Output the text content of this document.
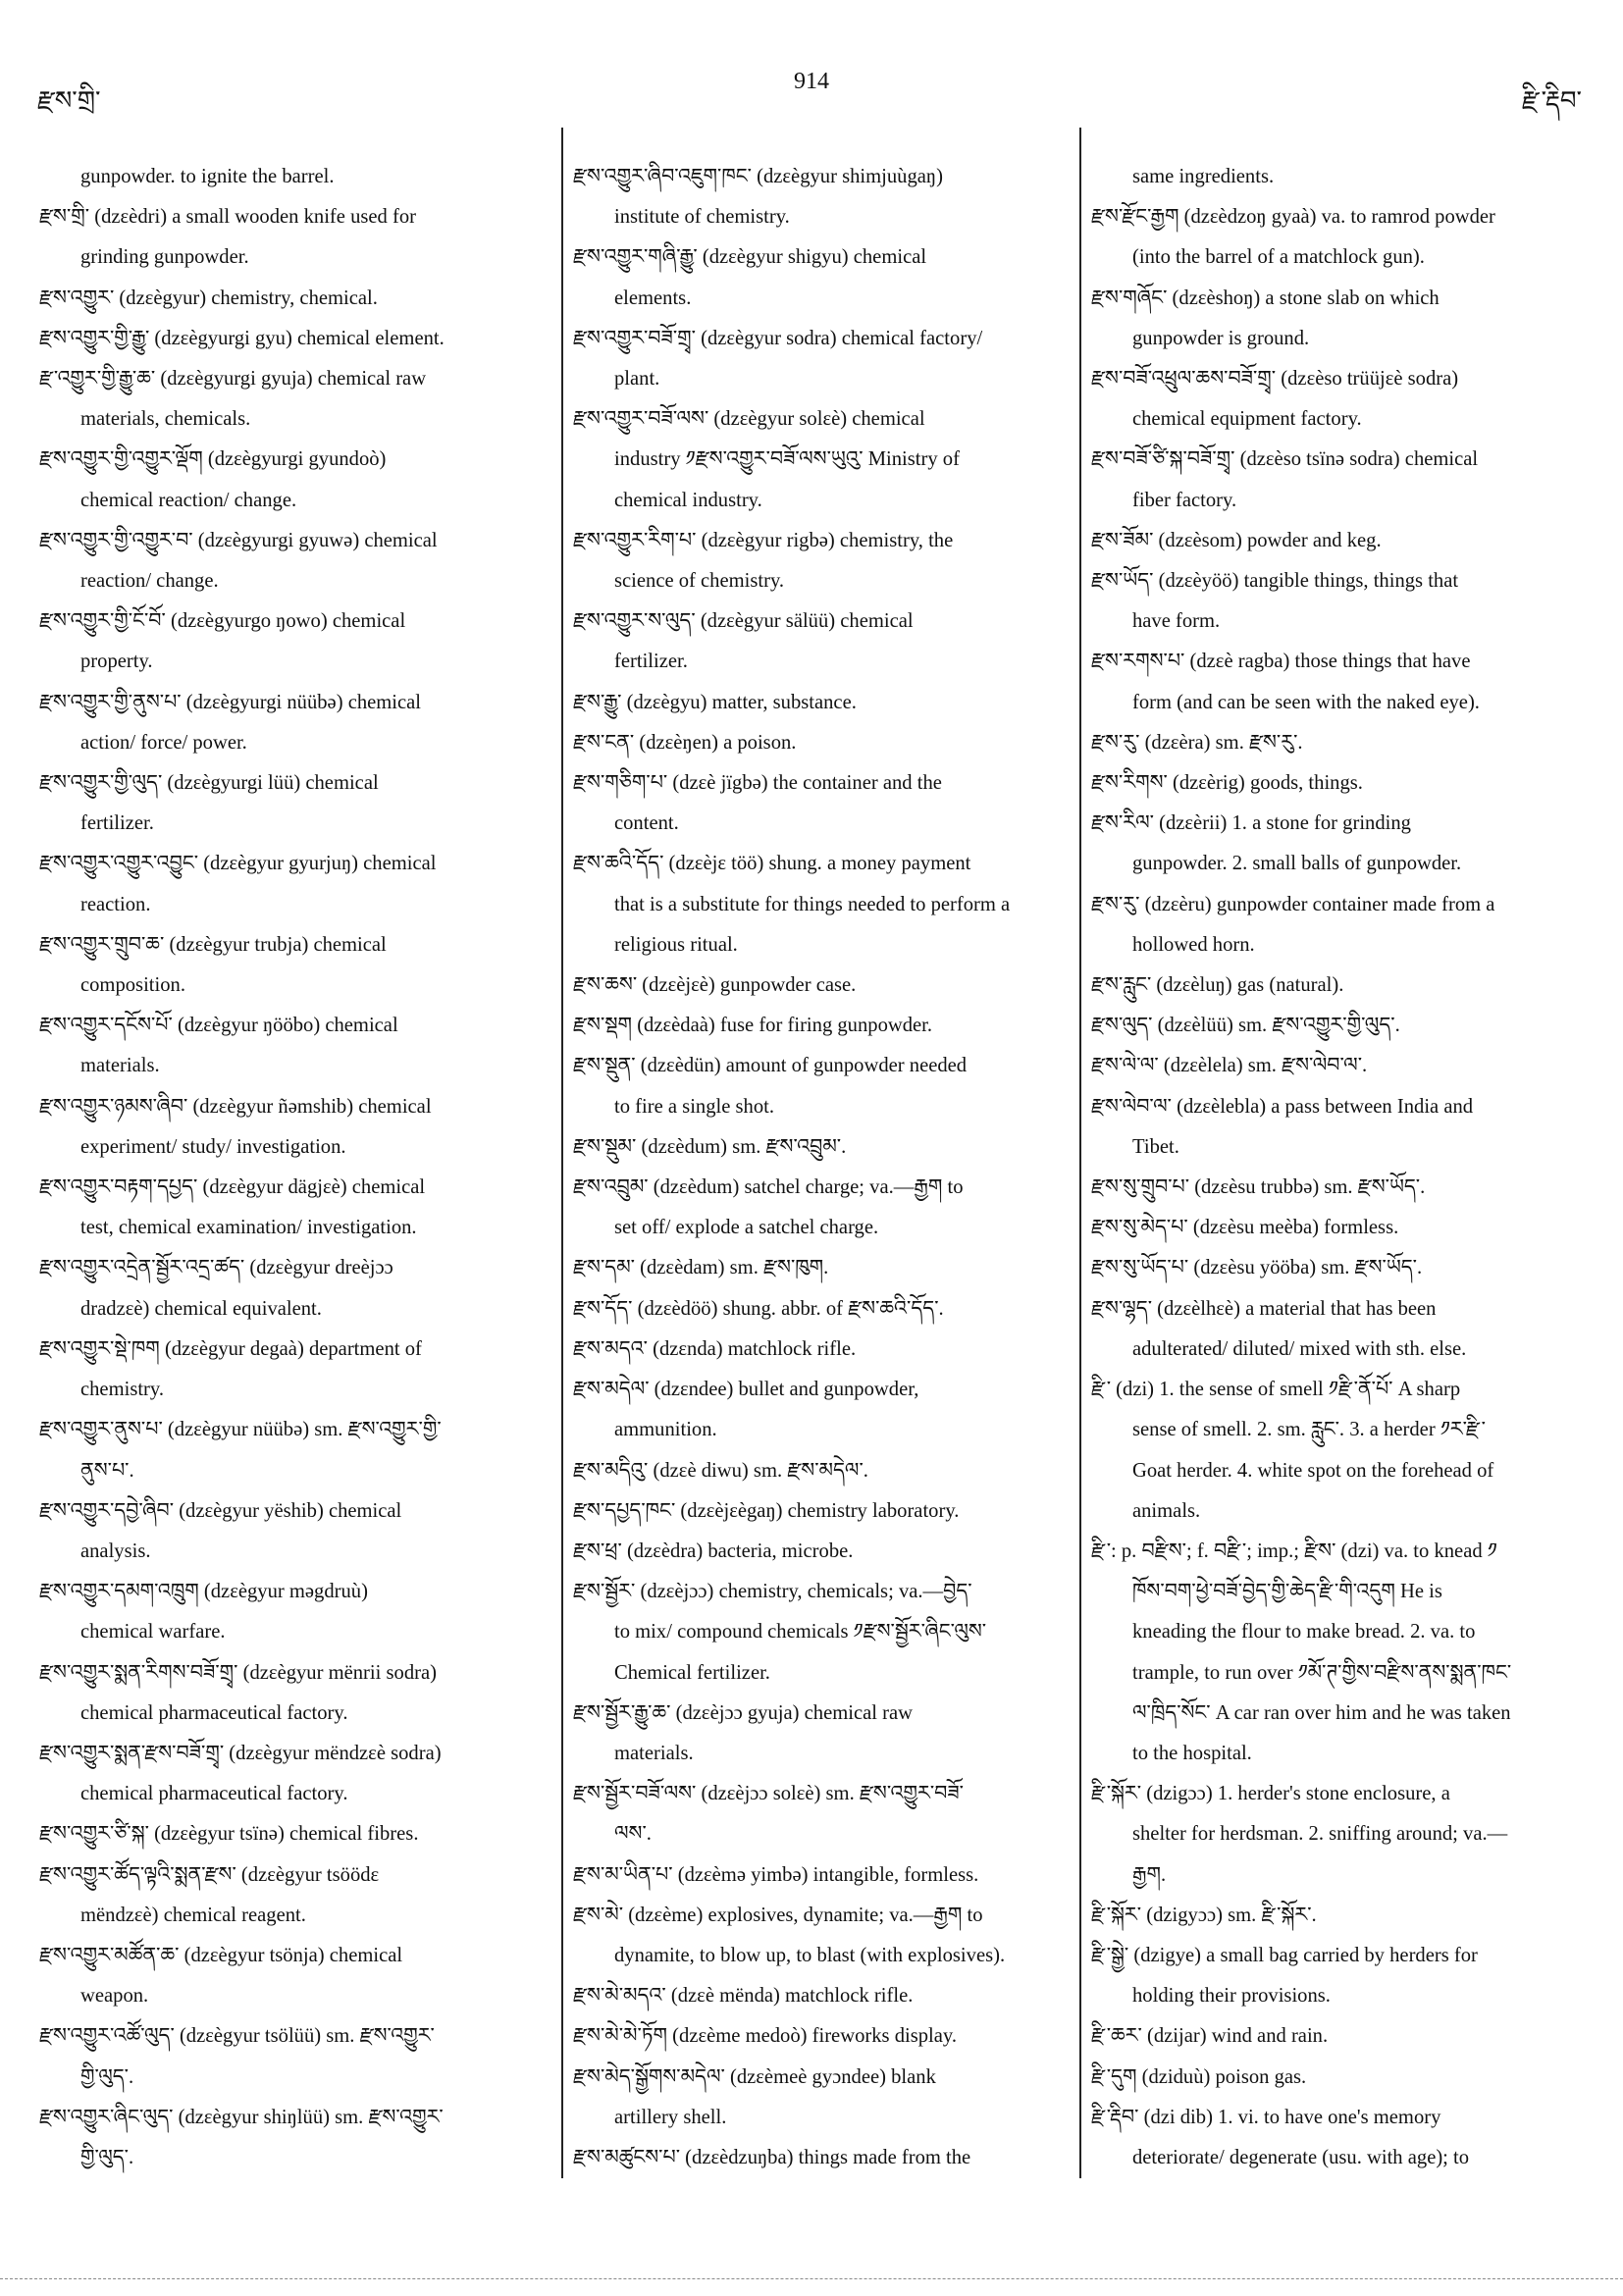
རྫས་གྲི་
914
རྫི་རྡིབ་
gunpowder. to ignite the barrel.
རྫས་གྲི་ (dzεèdri) a small wooden knife used for
grinding gunpowder.
རྫས་འགྱུར་ (dzεègyur) chemistry, chemical.
རྫས་འགྱུར་གྱི་རྒྱུ་ (dzεègyurgi gyu) chemical element.
རྫ་འགྱུར་གྱི་རྒྱུ་ཆ་ (dzεègyurgi gyuja) chemical raw
materials, chemicals.
རྫས་འགྱུར་གྱི་འགྱུར་ལྡོག (dzεègyurgi gyundoò)
chemical reaction/ change.
རྫས་འགྱུར་གྱི་འགྱུར་བ་ (dzεègyurgi gyuwə) chemical
reaction/ change.
རྫས་འགྱུར་གྱི་ངོ་བོ་ (dzεègyurgo ŋowo) chemical
property.
རྫས་འགྱུར་གྱི་ནུས་པ་ (dzεègyurgi nüübə) chemical
action/ force/ power.
རྫས་འགྱུར་གྱི་ལུད་ (dzεègyurgi lüü) chemical
fertilizer.
རྫས་འགྱུར་འགྱུར་འབྱུང་ (dzεègyur gyurjuŋ) chemical
reaction.
རྫས་འགྱུར་གྲུབ་ཆ་ (dzεègyur trubja) chemical
composition.
རྫས་འགྱུར་དངོས་པོ་ (dzεègyur ŋööbo) chemical
materials.
རྫས་འགྱུར་ཉམས་ཞིབ་ (dzεègyur ñəmshib) chemical
experiment/ study/ investigation.
རྫས་འགྱུར་བརྟག་དཔྱད་ (dzεègyur dägjεè) chemical
test, chemical examination/ investigation.
རྫས་འགྱུར་འདྲེན་སྦྱོར་འདྲ་ཚད་ (dzεègyur dreèjɔɔ
dradzεè) chemical equivalent.
རྫས་འགྱུར་སྡེ་ཁག (dzεègyur degaà) department of
chemistry.
རྫས་འགྱུར་ནུས་པ་ (dzεègyur nüübə) sm. རྫས་འགྱུར་གྱི་
ནུས་པ་.
རྫས་འགྱུར་དབྱེ་ཞིབ་ (dzεègyur yëshib) chemical
analysis.
རྫས་འགྱུར་དམག་འཁྲུག (dzεègyur məgdruù)
chemical warfare.
རྫས་འགྱུར་སྨན་རིགས་བཟོ་གྲྭ་ (dzεègyur mënrii sodra)
chemical pharmaceutical factory.
རྫས་འགྱུར་སྨན་རྫས་བཟོ་གྲྭ་ (dzεègyur mëndzεè sodra)
chemical pharmaceutical factory.
རྫས་འགྱུར་ཙི་སྐ་ (dzεègyur tsïnə) chemical fibres.
རྫས་འགྱུར་ཚོད་ལྟའི་སྨན་རྫས་ (dzεègyur tsöödε
mëndzεè) chemical reagent.
རྫས་འགྱུར་མཚོན་ཆ་ (dzεègyur tsönja) chemical
weapon.
རྫས་འགྱུར་འཚོ་ལུད་ (dzεègyur tsölüü) sm. རྫས་འགྱུར་
གྱི་ལུད་.
རྫས་འགྱུར་ཞིང་ལུད་ (dzεègyur shiŋlüü) sm. རྫས་འགྱུར་
གྱི་ལུད་.
རྫས་འགྱུར་ཞིབ་འཇུག་ཁང་ (dzεègyur shimjuùgaŋ)
institute of chemistry.
རྫས་འགྱུར་གཞི་རྒྱུ་ (dzεègyur shigyu) chemical
elements.
རྫས་འགྱུར་བཟོ་གྲྭ་ (dzεègyur sodra) chemical factory/
plant.
རྫས་འགྱུར་བཟོ་ལས་ (dzεègyur solεè) chemical
industry ༡རྫས་འགྱུར་བཟོ་ལས་ཡུའུ་ Ministry of
chemical industry.
རྫས་འགྱུར་རིག་པ་ (dzεègyur rigbə) chemistry, the
science of chemistry.
རྫས་འགྱུར་ས་ལུད་ (dzεègyur sälüü) chemical
fertilizer.
རྫས་རྒྱུ་ (dzεègyu) matter, substance.
རྫས་ངན་ (dzεèŋen) a poison.
རྫས་གཅིག་པ་ (dzεè jïgbə) the container and the
content.
རྫས་ཆའི་དོད་ (dzεèjε töö) shung. a money payment
that is a substitute for things needed to perform a
religious ritual.
རྫས་ཆས་ (dzεèjεè) gunpowder case.
རྫས་སྡག (dzεèdaà) fuse for firing gunpowder.
རྫས་སྡུན་ (dzεèdün) amount of gunpowder needed
to fire a single shot.
རྫས་སྡུམ་ (dzεèdum) sm. རྫས་འབྲུམ་.
རྫས་འབྲུམ་ (dzεèdum) satchel charge; va.—རྒྱག to
set off/ explode a satchel charge.
རྫས་དམ་ (dzεèdam) sm. རྫས་ཁུག.
རྫས་དོད་ (dzεèdöö) shung. abbr. of རྫས་ཆའི་དོད་.
རྫས་མདའ་ (dzεnda) matchlock rifle.
རྫས་མདེལ་ (dzεndee) bullet and gunpowder,
ammunition.
རྫས་མདིའུ་ (dzεè diwu) sm. རྫས་མདེལ་.
རྫས་དཔྱད་ཁང་ (dzεèjεègaŋ) chemistry laboratory.
རྫས་ཕྲ་ (dzεèdra) bacteria, microbe.
རྫས་སྦྱོར་ (dzεèjɔɔ) chemistry, chemicals; va.—བྱེད་
to mix/ compound chemicals ༡རྫས་སྦྱོར་ཞིང་ལུས་
Chemical fertilizer.
རྫས་སྦྱོར་རྒྱུ་ཆ་ (dzεèjɔɔ gyuja) chemical raw
materials.
རྫས་སྦྱོར་བཟོ་ལས་ (dzεèjɔɔ solεè) sm. རྫས་འགྱུར་བཟོ་
ལས་.
རྫས་མ་ཡིན་པ་ (dzεèmə yimbə) intangible, formless.
རྫས་མེ་ (dzεème) explosives, dynamite; va.—རྒྱག to
dynamite, to blow up, to blast (with explosives).
རྫས་མེ་མདའ་ (dzεè mënda) matchlock rifle.
རྫས་མེ་མེ་ཏོག (dzεème medoò) fireworks display.
རྫས་མེད་སྒྱོགས་མདེལ་ (dzεèmeè gyɔndee) blank
artillery shell.
རྫས་མཚུངས་པ་ (dzεèdzuŋba) things made from the
same ingredients.
རྫས་རྫོང་རྒྱག (dzεèdzoŋ gyaà) va. to ramrod powder
(into the barrel of a matchlock gun).
རྫས་གཞོང་ (dzεèshoŋ) a stone slab on which
gunpowder is ground.
རྫས་བཟོ་འཕྲུལ་ཆས་བཟོ་གྲྭ་ (dzεèso trüüjεè sodra)
chemical equipment factory.
རྫས་བཟོ་ཙི་སྐ་བཟོ་གྲྭ་ (dzεèso tsïnə sodra) chemical
fiber factory.
རྫས་ཟོམ་ (dzεèsom) powder and keg.
རྫས་ཡོད་ (dzεèyöö) tangible things, things that
have form.
རྫས་རགས་པ་ (dzεè ragba) those things that have
form (and can be seen with the naked eye).
རྫས་རུ་ (dzεèra) sm. རྫས་རུ་.
རྫས་རིགས་ (dzεèrig) goods, things.
རྫས་རིལ་ (dzεèrii) 1. a stone for grinding
gunpowder. 2. small balls of gunpowder.
རྫས་རུ་ (dzεèru) gunpowder container made from a
hollowed horn.
རྫས་རླུང་ (dzεèluŋ) gas (natural).
རྫས་ལུད་ (dzεèlüü) sm. རྫས་འགྱུར་གྱི་ལུད་.
རྫས་ལེ་ལ་ (dzεèlela) sm. རྫས་ལེབ་ལ་.
རྫས་ལེབ་ལ་ (dzεèlebla) a pass between India and
Tibet.
རྫས་སུ་གྲུབ་པ་ (dzεèsu trubbə) sm. རྫས་ཡོད་.
རྫས་སུ་མེད་པ་ (dzεèsu meèba) formless.
རྫས་སུ་ཡོད་པ་ (dzεèsu yööba) sm. རྫས་ཡོད་.
རྫས་ལྷད་ (dzεèlhεè) a material that has been
adulterated/ diluted/ mixed with sth. else.
རྫི་ (dzi) 1. the sense of smell ༡རྫི་ནོ་པོ་ A sharp
sense of smell. 2. sm. རླུང་. 3. a herder ༡ར་རྫི་
Goat herder. 4. white spot on the forehead of
animals.
རྫི་: p. བརྫིས་; f. བརྫི་; imp.; རྫིས་ (dzi) va. to knead ༡
ཁོས་བག་ཕྱེ་བཟོ་བྱེད་གྱི་ཆེད་རྫི་གི་འདུག He is
kneading the flour to make bread. 2. va. to
trample, to run over ༡མོ་ཊ་གྱིས་བརྫིས་ནས་སྨན་ཁང་
ལ་ཁྲིད་སོང་ A car ran over him and he was taken
to the hospital.
རྫི་སྐོར་ (dzigɔɔ) 1. herder's stone enclosure, a
shelter for herdsman. 2. sniffing around; va.—
རྒྱག.
རྫི་སྐོར་ (dzigyɔɔ) sm. རྫི་སྐོར་.
རྫི་སྒྱེ་ (dzigye) a small bag carried by herders for
holding their provisions.
རྫི་ཆར་ (dzijar) wind and rain.
རྫི་དུག (dziduù) poison gas.
རྫི་རྡིབ་ (dzi dib) 1. vi. to have one's memory
deteriorate/ degenerate (usu. with age); to
